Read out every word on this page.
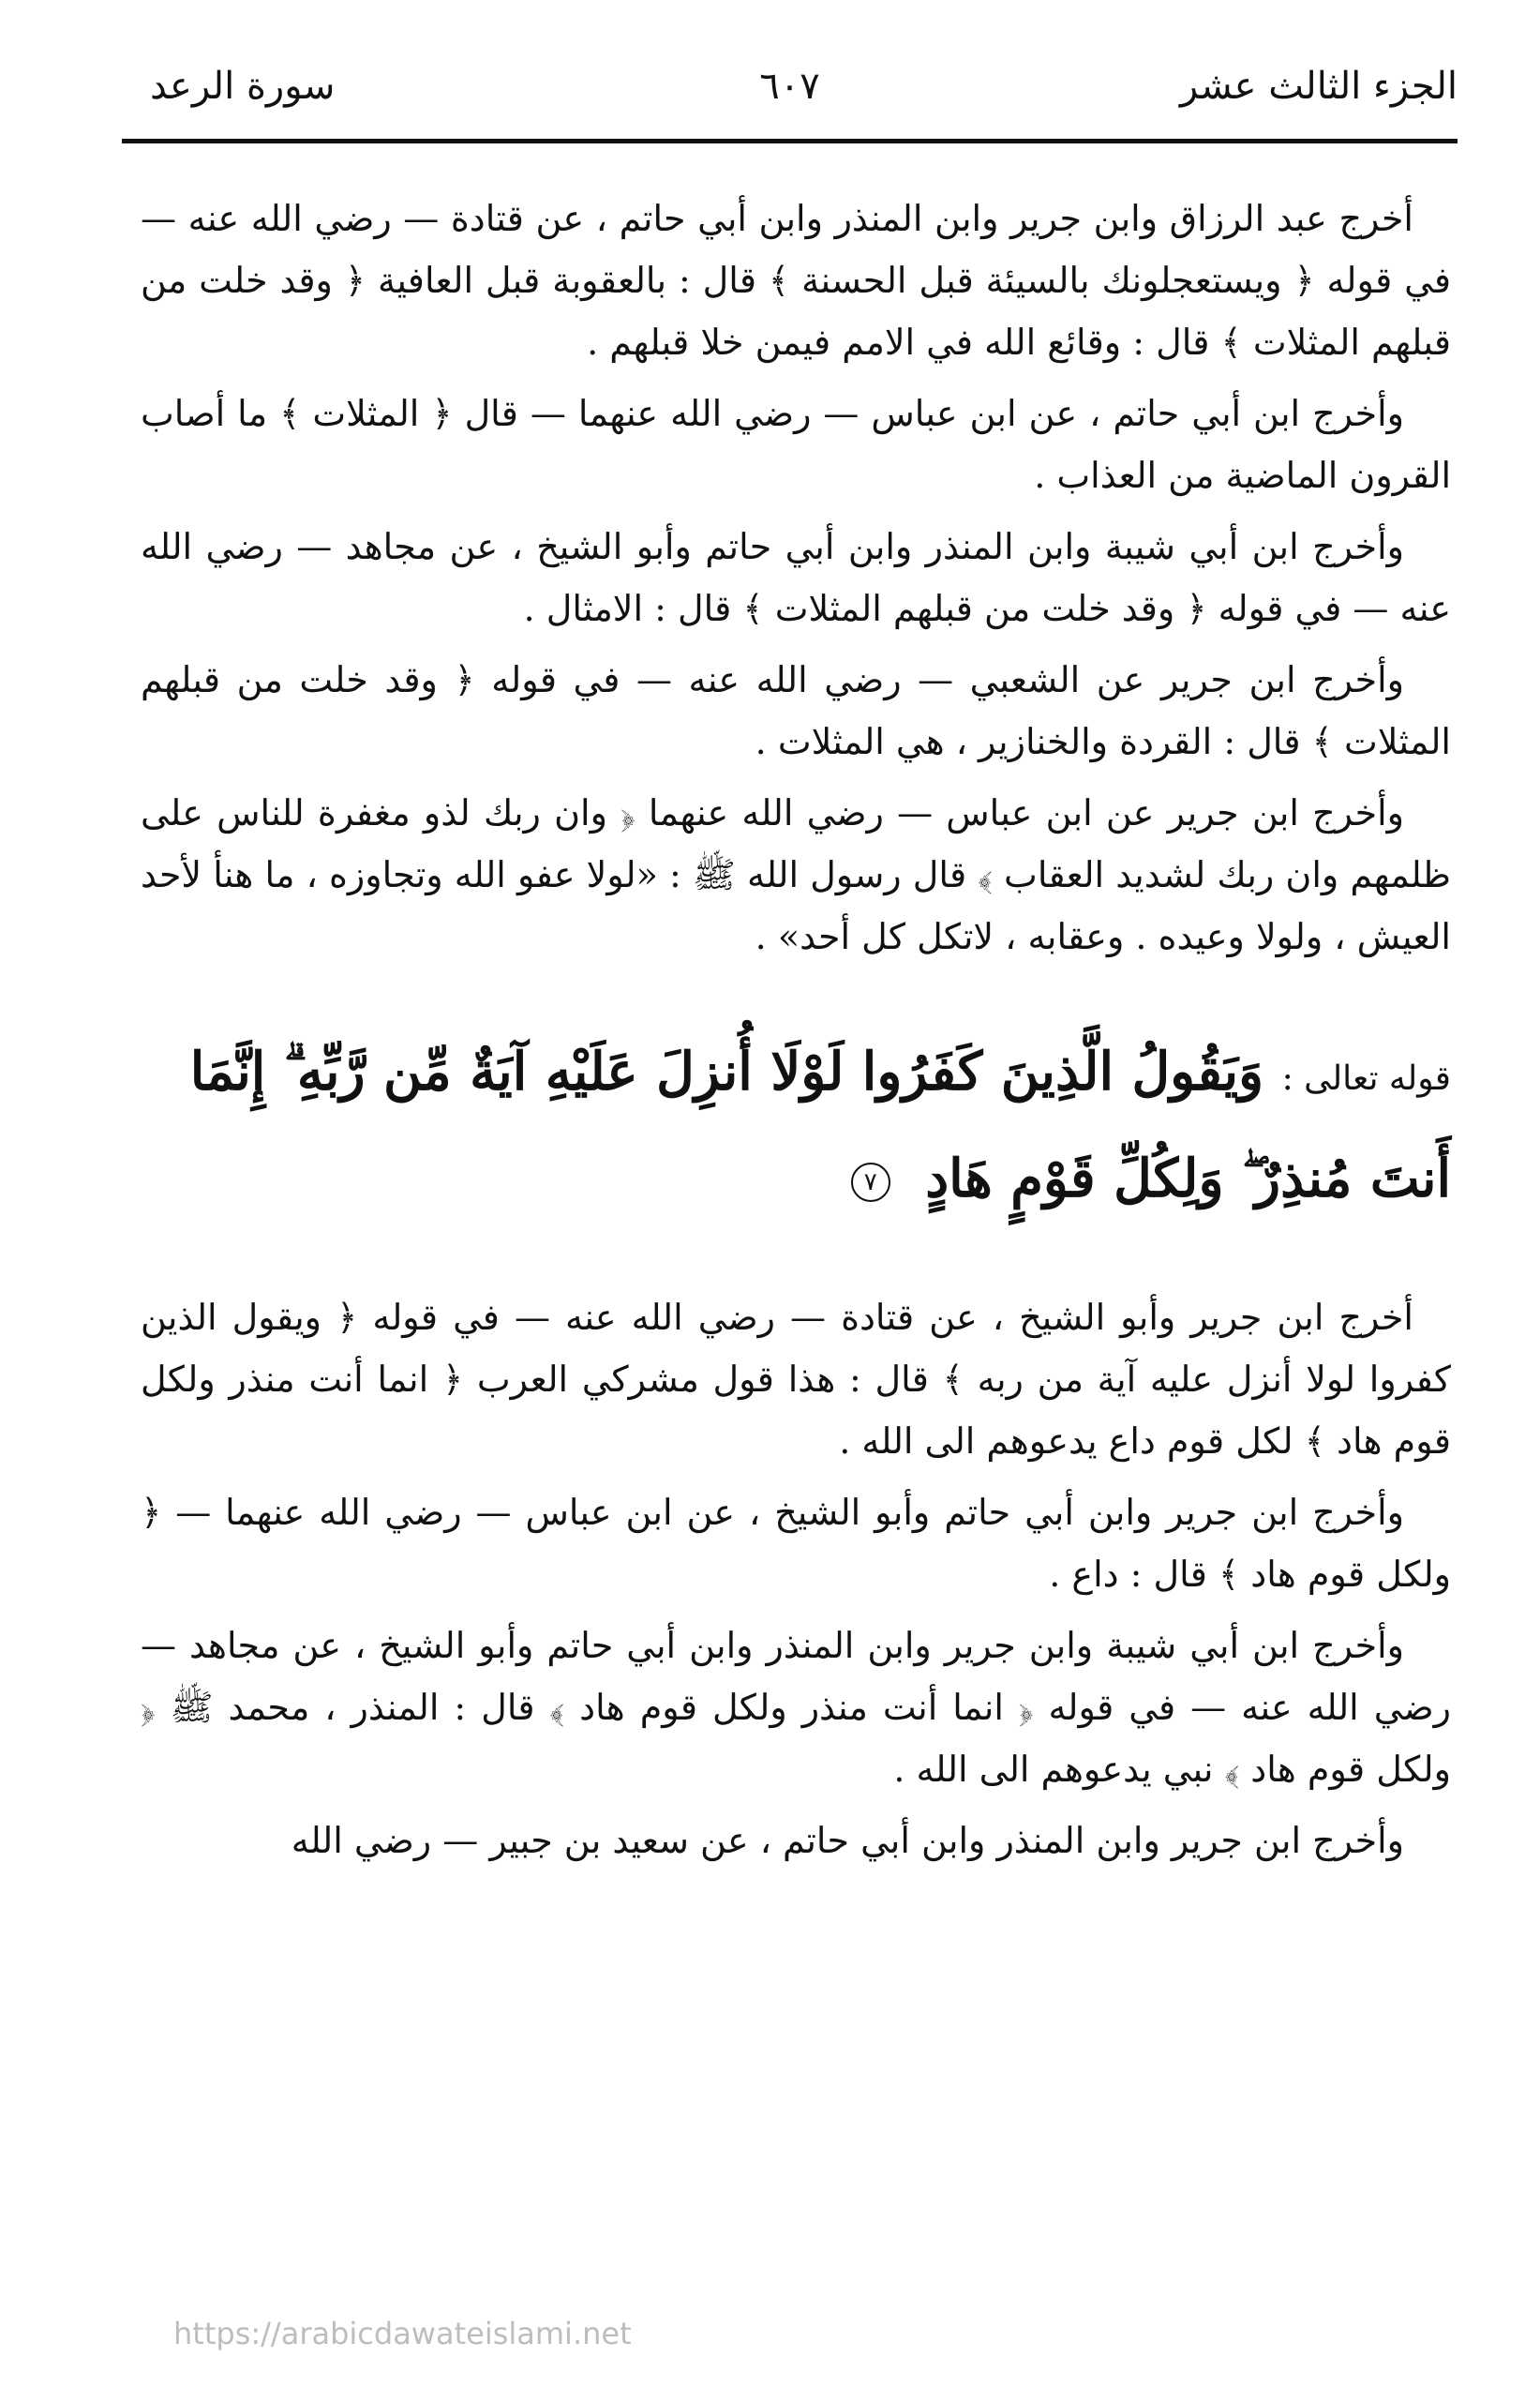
الجزء الثالث عشر
٦٠٧
سورة الرعد

أخرج عبد الرزاق وابن جرير وابن المنذر وابن أبي حاتم ، عن قتادة — رضي الله عنه — في قوله ﴿ ويستعجلونك بالسيئة قبل الحسنة ﴾ قال : بالعقوبة قبل العافية ﴿ وقد خلت من قبلهم المثلات ﴾ قال : وقائع الله في الامم فيمن خلا قبلهم .

وأخرج ابن أبي حاتم ، عن ابن عباس — رضي الله عنهما — قال ﴿ المثلات ﴾ ما أصاب القرون الماضية من العذاب .

وأخرج ابن أبي شيبة وابن المنذر وابن أبي حاتم وأبو الشيخ ، عن مجاهد — رضي الله عنه — في قوله ﴿ وقد خلت من قبلهم المثلات ﴾ قال : الامثال .

وأخرج ابن جرير عن الشعبي — رضي الله عنه — في قوله ﴿ وقد خلت من قبلهم المثلات ﴾ قال : القردة والخنازير ، هي المثلات .

وأخرج ابن جرير عن ابن عباس — رضي الله عنهما ﴿ وان ربك لذو مغفرة للناس على ظلمهم وان ربك لشديد العقاب ﴾ قال رسول الله ﷺ : «لولا عفو الله وتجاوزه ، ما هنأ لأحد العيش ، ولولا وعيده . وعقابه ، لاتكل كل أحد» .

قوله تعالى : وَيَقُولُ الَّذِينَ كَفَرُوا لَوْلَا أُنزِلَ عَلَيْهِ آيَةٌ مِّن رَّبِّهِ ۗ إِنَّمَا أَنتَ مُنذِرٌ ۖ وَلِكُلِّ قَوْمٍ هَادٍ ٧

أخرج ابن جرير وأبو الشيخ ، عن قتادة — رضي الله عنه — في قوله ﴿ ويقول الذين كفروا لولا أنزل عليه آية من ربه ﴾ قال : هذا قول مشركي العرب ﴿ انما أنت منذر ولكل قوم هاد ﴾ لكل قوم داع يدعوهم الى الله .

وأخرج ابن جرير وابن أبي حاتم وأبو الشيخ ، عن ابن عباس — رضي الله عنهما — ﴿ ولكل قوم هاد ﴾ قال : داع .

وأخرج ابن أبي شيبة وابن جرير وابن المنذر وابن أبي حاتم وأبو الشيخ ، عن مجاهد — رضي الله عنه — في قوله ﴿ انما أنت منذر ولكل قوم هاد ﴾ قال : المنذر ، محمد ﷺ ﴿ ولكل قوم هاد ﴾ نبي يدعوهم الى الله .

وأخرج ابن جرير وابن المنذر وابن أبي حاتم ، عن سعيد بن جبير — رضي الله

https://arabicdawateislami.net
